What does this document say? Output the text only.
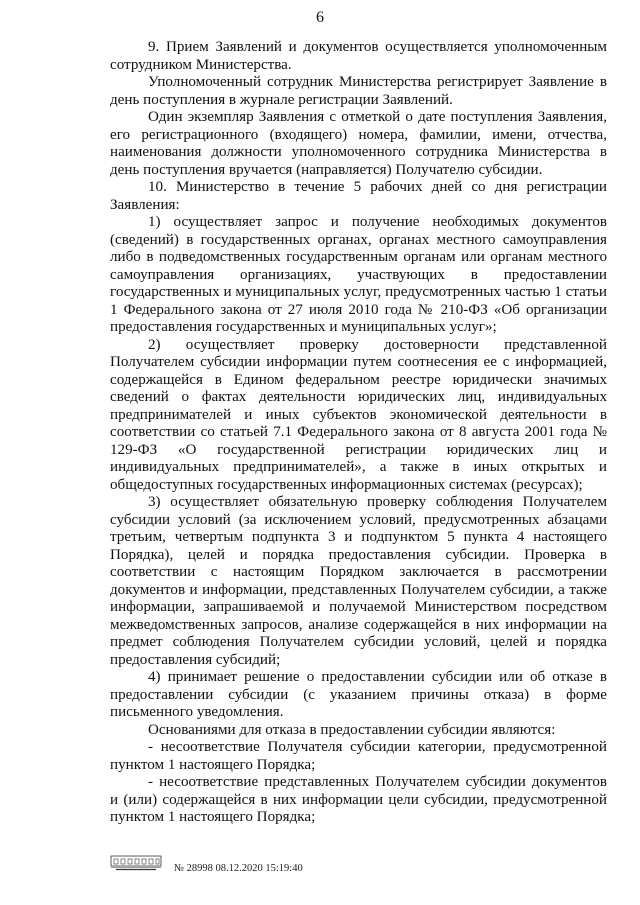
6

9. Прием Заявлений и документов осуществляется уполномоченным сотрудником Министерства.

Уполномоченный сотрудник Министерства регистрирует Заявление в день поступления в журнале регистрации Заявлений.

Один экземпляр Заявления с отметкой о дате поступления Заявления, его регистрационного (входящего) номера, фамилии, имени, отчества, наименования должности уполномоченного сотрудника Министерства в день поступления вручается (направляется) Получателю субсидии.

10. Министерство в течение 5 рабочих дней со дня регистрации Заявления:

1) осуществляет запрос и получение необходимых документов (сведений) в государственных органах, органах местного самоуправления либо в подведомственных государственным органам или органам местного самоуправления организациях, участвующих в предоставлении государственных и муниципальных услуг, предусмотренных частью 1 статьи 1 Федерального закона от 27 июля 2010 года № 210-ФЗ «Об организации предоставления государственных и муниципальных услуг»;

2) осуществляет проверку достоверности представленной Получателем субсидии информации путем соотнесения ее с информацией, содержащейся в Едином федеральном реестре юридически значимых сведений о фактах деятельности юридических лиц, индивидуальных предпринимателей и иных субъектов экономической деятельности в соответствии со статьей 7.1 Федерального закона от 8 августа 2001 года № 129-ФЗ «О государственной регистрации юридических лиц и индивидуальных предпринимателей», а также в иных открытых и общедоступных государственных информационных системах (ресурсах);

3) осуществляет обязательную проверку соблюдения Получателем субсидии условий (за исключением условий, предусмотренных абзацами третьим, четвертым подпункта 3 и подпунктом 5 пункта 4 настоящего Порядка), целей и порядка предоставления субсидии. Проверка в соответствии с настоящим Порядком заключается в рассмотрении документов и информации, представленных Получателем субсидии, а также информации, запрашиваемой и получаемой Министерством посредством межведомственных запросов, анализе содержащейся в них информации на предмет соблюдения Получателем субсидии условий, целей и порядка предоставления субсидий;

4) принимает решение о предоставлении субсидии или об отказе в предоставлении субсидии (с указанием причины отказа) в форме письменного уведомления.

Основаниями для отказа в предоставлении субсидии являются:

- несоответствие Получателя субсидии категории, предусмотренной пунктом 1 настоящего Порядка;

- несоответствие представленных Получателем субсидии документов и (или) содержащейся в них информации цели субсидии, предусмотренной пунктом 1 настоящего Порядка;

№ 28998 08.12.2020 15:19:40
